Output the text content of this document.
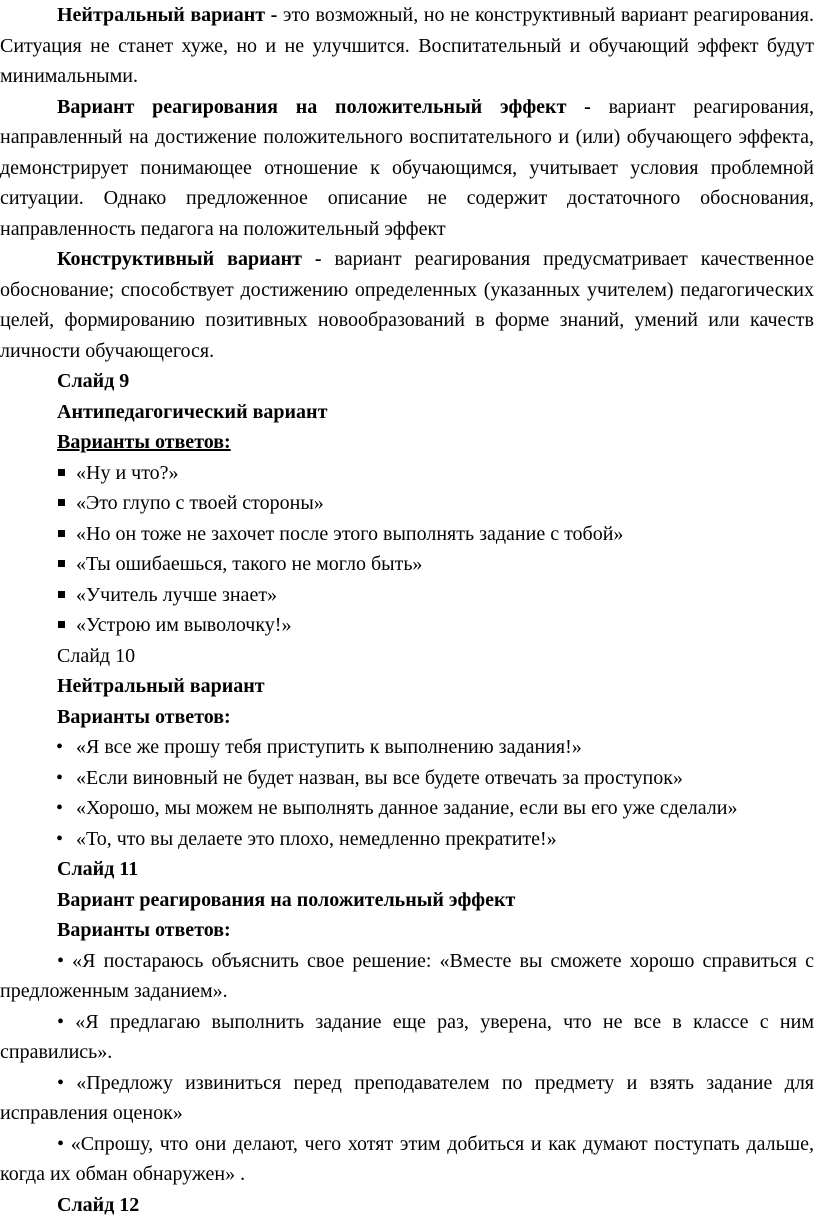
Нейтральный вариант - это возможный, но не конструктивный вариант реагирования. Ситуация не станет хуже, но и не улучшится. Воспитательный и обучающий эффект будут минимальными.

Вариант реагирования на положительный эффект - вариант реагирования, направленный на достижение положительного воспитательного и (или) обучающего эффекта, демонстрирует понимающее отношение к обучающимся, учитывает условия проблемной ситуации. Однако предложенное описание не содержит достаточного обоснования, направленность педагога на положительный эффект

Конструктивный вариант - вариант реагирования предусматривает качественное обоснование; способствует достижению определенных (указанных учителем) педагогических целей, формированию позитивных новообразований в форме знаний, умений или качеств личности обучающегося.

Слайд 9

Антипедагогический вариант

Варианты ответов:

«Ну и что?»
«Это глупо с твоей стороны»
«Но он тоже не захочет после этого выполнять задание с тобой»
«Ты ошибаешься, такого не могло быть»
«Учитель лучше знает»
«Устрою им выволочку!»

Слайд 10

Нейтральный вариант

Варианты ответов:

• «Я все же прошу тебя приступить к выполнению задания!»
• «Если виновный не будет назван, вы все будете отвечать за проступок»
• «Хорошо, мы можем не выполнять данное задание, если вы его уже сделали»
• «То, что вы делаете это плохо, немедленно прекратите!»

Слайд 11

Вариант реагирования на положительный эффект

Варианты ответов:

• «Я постараюсь объяснить свое решение: «Вместе вы сможете хорошо справиться с предложенным заданием».

• «Я предлагаю выполнить задание еще раз, уверена, что не все в классе с ним справились».

• «Предложу извиниться перед преподавателем по предмету и взять задание для исправления оценок»

• «Спрошу, что они делают, чего хотят этим добиться и как думают поступать дальше, когда их обман обнаружен» .

Слайд 12
